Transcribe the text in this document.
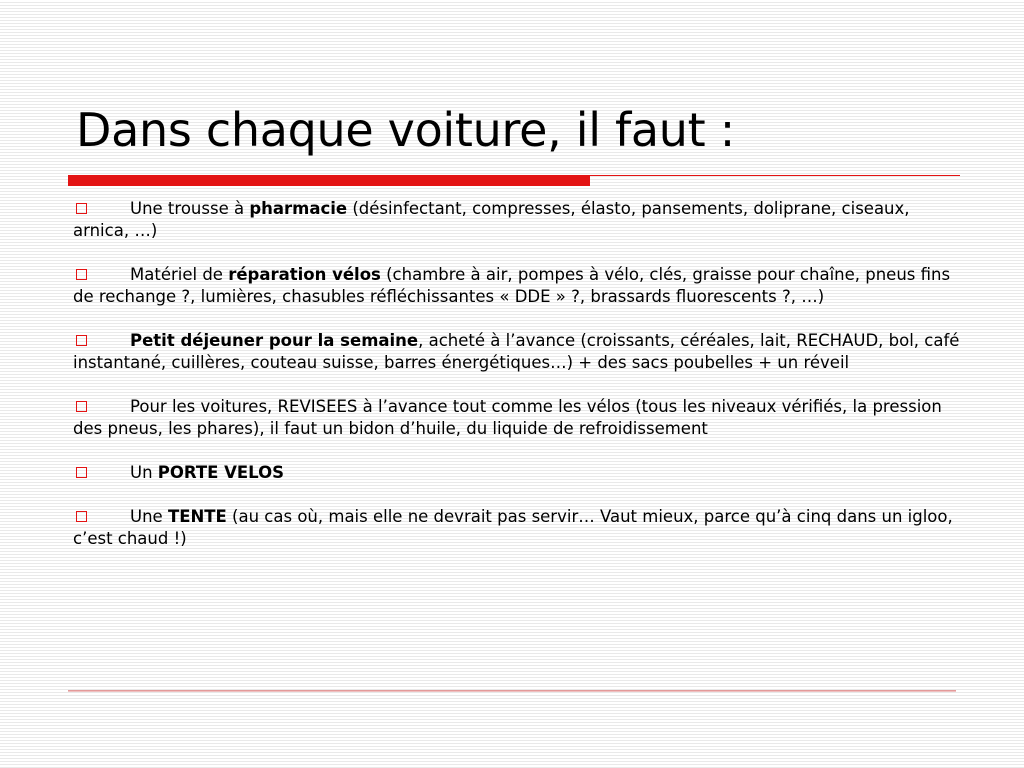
Dans chaque voiture, il faut :
Une trousse à pharmacie (désinfectant, compresses, élasto, pansements, doliprane, ciseaux, arnica, …)
Matériel de réparation vélos (chambre à air, pompes à vélo, clés, graisse pour chaîne, pneus fins de rechange ?, lumières, chasubles réfléchissantes « DDE » ?, brassards fluorescents ?, …)
Petit déjeuner pour la semaine, acheté à l’avance (croissants, céréales, lait, RECHAUD, bol, café instantané, cuillères, couteau suisse, barres énergétiques…) + des sacs poubelles + un réveil
Pour les voitures, REVISEES à l’avance tout comme les vélos (tous les niveaux vérifiés, la pression des pneus, les phares), il faut un bidon d’huile, du liquide de refroidissement
Un PORTE VELOS
Une TENTE (au cas où, mais elle ne devrait pas servir… Vaut mieux, parce qu’à cinq dans un igloo, c’est chaud !)
